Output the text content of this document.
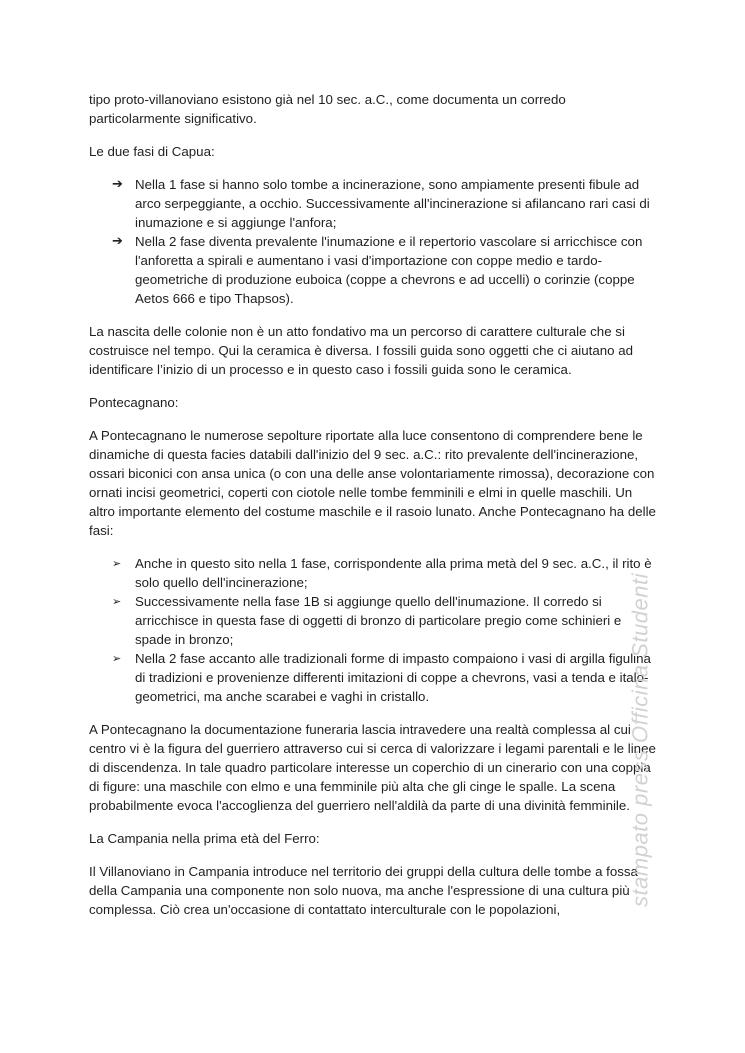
tipo proto-villanoviano esistono già nel 10 sec. a.C., come documenta un corredo particolarmente significativo.

Le due fasi di Capua:

➔ Nella 1 fase si hanno solo tombe a incinerazione, sono ampiamente presenti fibule ad arco serpeggiante, a occhio. Successivamente all'incinerazione si afilancano rari casi di inumazione e si aggiunge l'anfora;
➔ Nella 2 fase diventa prevalente l'inumazione e il repertorio vascolare si arricchisce con l'anforetta a spirali e aumentano i vasi d'importazione con coppe medio e tardo-geometriche di produzione euboica (coppe a chevrons e ad uccelli) o corinzie (coppe Aetos 666 e tipo Thapsos).

La nascita delle colonie non è un atto fondativo ma un percorso di carattere culturale che si costruisce nel tempo. Qui la ceramica è diversa. I fossili guida sono oggetti che ci aiutano ad identificare l’inizio di un processo e in questo caso i fossili guida sono le ceramica.

Pontecagnano:

A Pontecagnano le numerose sepolture riportate alla luce consentono di comprendere bene le dinamiche di questa facies databili dall'inizio del 9 sec. a.C.: rito prevalente dell'incinerazione, ossari biconici con ansa unica (o con una delle anse volontariamente rimossa), decorazione con ornati incisi geometrici, coperti con ciotole nelle tombe femminili e elmi in quelle maschili. Un altro importante elemento del costume maschile e il rasoio lunato. Anche Pontecagnano ha delle fasi:

➢ Anche in questo sito nella 1 fase, corrispondente alla prima metà del 9 sec. a.C., il rito è solo quello dell'incinerazione;
➢ Successivamente nella fase 1B si aggiunge quello dell'inumazione. Il corredo si arricchisce in questa fase di oggetti di bronzo di particolare pregio come schinieri e spade in bronzo;
➢ Nella 2 fase accanto alle tradizionali forme di impasto compaiono i vasi di argilla figulina di tradizioni e provenienze differenti imitazioni di coppe a chevrons, vasi a tenda e italo-geometrici, ma anche scarabei e vaghi in cristallo.

A Pontecagnano la documentazione funeraria lascia intravedere una realtà complessa al cui centro vi è la figura del guerriero attraverso cui si cerca di valorizzare i legami parentali e le linee di discendenza. In tale quadro particolare interesse un coperchio di un cinerario con una coppia di figure: una maschile con elmo e una femminile più alta che gli cinge le spalle. La scena probabilmente evoca l'accoglienza del guerriero nell'aldilà da parte di una divinità femminile.

La Campania nella prima età del Ferro:

Il Villanoviano in Campania introduce nel territorio dei gruppi della cultura delle tombe a fossa della Campania una componente non solo nuova, ma anche l'espressione di una cultura più complessa. Ciò crea un'occasione di contattato interculturale con le popolazioni,

stampato press Officina Studenti
